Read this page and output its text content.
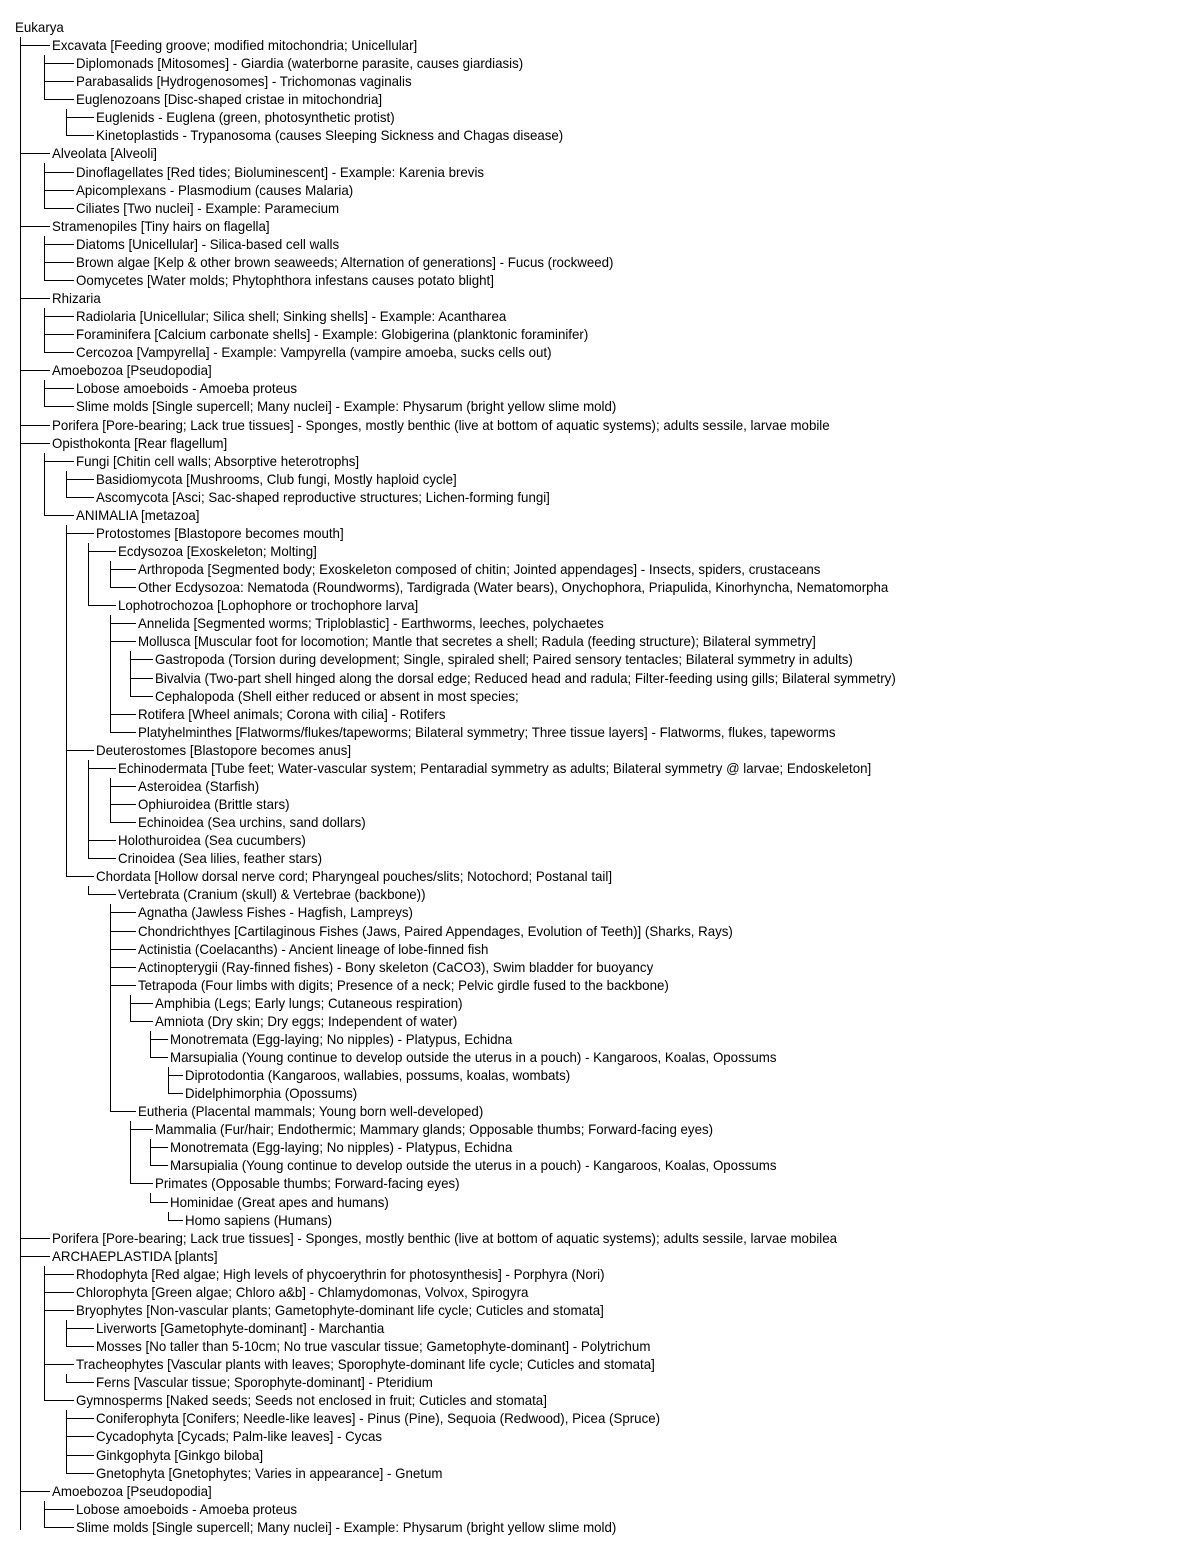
Eukarya
Excavata [Feeding groove; modified mitochondria; Unicellular]
Diplomonads [Mitosomes] - Giardia (waterborne parasite, causes giardiasis)
Parabasalids [Hydrogenosomes] - Trichomonas vaginalis
Euglenozoans [Disc-shaped cristae in mitochondria]
Euglenids - Euglena (green, photosynthetic protist)
Kinetoplastids - Trypanosoma (causes Sleeping Sickness and Chagas disease)
Alveolata [Alveoli]
Dinoflagellates [Red tides; Bioluminescent] - Example: Karenia brevis
Apicomplexans - Plasmodium (causes Malaria)
Ciliates [Two nuclei] - Example: Paramecium
Stramenopiles [Tiny hairs on flagella]
Diatoms [Unicellular] - Silica-based cell walls
Brown algae [Kelp & other brown seaweeds; Alternation of generations] - Fucus (rockweed)
Oomycetes [Water molds; Phytophthora infestans causes potato blight]
Rhizaria
Radiolaria [Unicellular; Silica shell; Sinking shells] - Example: Acantharea
Foraminifera [Calcium carbonate shells] - Example: Globigerina (planktonic foraminifer)
Cercozoa [Vampyrella] - Example: Vampyrella (vampire amoeba, sucks cells out)
Amoebozoa [Pseudopodia]
Lobose amoeboids - Amoeba proteus
Slime molds [Single supercell; Many nuclei] - Example: Physarum (bright yellow slime mold)
Porifera [Pore-bearing; Lack true tissues] - Sponges, mostly benthic (live at bottom of aquatic systems); adults sessile, larvae mobile
Opisthokonta [Rear flagellum]
Fungi [Chitin cell walls; Absorptive heterotrophs]
Basidiomycota [Mushrooms, Club fungi, Mostly haploid cycle]
Ascomycota [Asci; Sac-shaped reproductive structures; Lichen-forming fungi]
ANIMALIA [metazoa]
Protostomes [Blastopore becomes mouth]
Ecdysozoa [Exoskeleton; Molting]
Arthropoda [Segmented body; Exoskeleton composed of chitin; Jointed appendages] - Insects, spiders, crustaceans
Other Ecdysozoa: Nematoda (Roundworms), Tardigrada (Water bears), Onychophora, Priapulida, Kinorhyncha, Nematomorpha
Lophotrochozoa [Lophophore or trochophore larva]
Annelida [Segmented worms; Triploblastic] - Earthworms, leeches, polychaetes
Mollusca [Muscular foot for locomotion; Mantle that secretes a shell; Radula (feeding structure); Bilateral symmetry]
Gastropoda (Torsion during development; Single, spiraled shell; Paired sensory tentacles; Bilateral symmetry in adults)
Bivalvia (Two-part shell hinged along the dorsal edge; Reduced head and radula; Filter-feeding using gills; Bilateral symmetry)
Cephalopoda (Shell either reduced or absent in most species;
Rotifera [Wheel animals; Corona with cilia] - Rotifers
Platyhelminthes [Flatworms/flukes/tapeworms; Bilateral symmetry; Three tissue layers] - Flatworms, flukes, tapeworms
Deuterostomes [Blastopore becomes anus]
Echinodermata [Tube feet; Water-vascular system; Pentaradial symmetry as adults; Bilateral symmetry @ larvae; Endoskeleton]
Asteroidea (Starfish)
Ophiuroidea (Brittle stars)
Echinoidea (Sea urchins, sand dollars)
Holothuroidea (Sea cucumbers)
Crinoidea (Sea lilies, feather stars)
Chordata [Hollow dorsal nerve cord; Pharyngeal pouches/slits; Notochord; Postanal tail]
Vertebrata (Cranium (skull) & Vertebrae (backbone))
Agnatha (Jawless Fishes - Hagfish, Lampreys)
Chondrichthyes [Cartilaginous Fishes (Jaws, Paired Appendages, Evolution of Teeth)] (Sharks, Rays)
Actinistia (Coelacanths) - Ancient lineage of lobe-finned fish
Actinopterygii (Ray-finned fishes) - Bony skeleton (CaCO3), Swim bladder for buoyancy
Tetrapoda (Four limbs with digits; Presence of a neck; Pelvic girdle fused to the backbone)
Amphibia (Legs; Early lungs; Cutaneous respiration)
Amniota (Dry skin; Dry eggs; Independent of water)
Monotremata (Egg-laying; No nipples) - Platypus, Echidna
Marsupialia (Young continue to develop outside the uterus in a pouch) - Kangaroos, Koalas, Opossums
Diprotodontia (Kangaroos, wallabies, possums, koalas, wombats)
Didelphimorphia (Opossums)
Eutheria (Placental mammals; Young born well-developed)
Mammalia (Fur/hair; Endothermic; Mammary glands; Opposable thumbs; Forward-facing eyes)
Monotremata (Egg-laying; No nipples) - Platypus, Echidna
Marsupialia (Young continue to develop outside the uterus in a pouch) - Kangaroos, Koalas, Opossums
Primates (Opposable thumbs; Forward-facing eyes)
Hominidae (Great apes and humans)
Homo sapiens (Humans)
Porifera [Pore-bearing; Lack true tissues] - Sponges, mostly benthic (live at bottom of aquatic systems); adults sessile, larvae mobilea
ARCHAEPLASTIDA [plants]
Rhodophyta [Red algae; High levels of phycoerythrin for photosynthesis] - Porphyra (Nori)
Chlorophyta [Green algae; Chloro a&b] - Chlamydomonas, Volvox, Spirogyra
Bryophytes [Non-vascular plants; Gametophyte-dominant life cycle; Cuticles and stomata]
Liverworts [Gametophyte-dominant] - Marchantia
Mosses [No taller than 5-10cm; No true vascular tissue; Gametophyte-dominant] - Polytrichum
Tracheophytes [Vascular plants with leaves; Sporophyte-dominant life cycle; Cuticles and stomata]
Ferns [Vascular tissue; Sporophyte-dominant] - Pteridium
Gymnosperms [Naked seeds; Seeds not enclosed in fruit; Cuticles and stomata]
Coniferophyta [Conifers; Needle-like leaves] - Pinus (Pine), Sequoia (Redwood), Picea (Spruce)
Cycadophyta [Cycads; Palm-like leaves] - Cycas
Ginkgophyta [Ginkgo biloba]
Gnetophyta [Gnetophytes; Varies in appearance] - Gnetum
Amoebozoa [Pseudopodia]
Lobose amoeboids - Amoeba proteus
Slime molds [Single supercell; Many nuclei] - Example: Physarum (bright yellow slime mold)
